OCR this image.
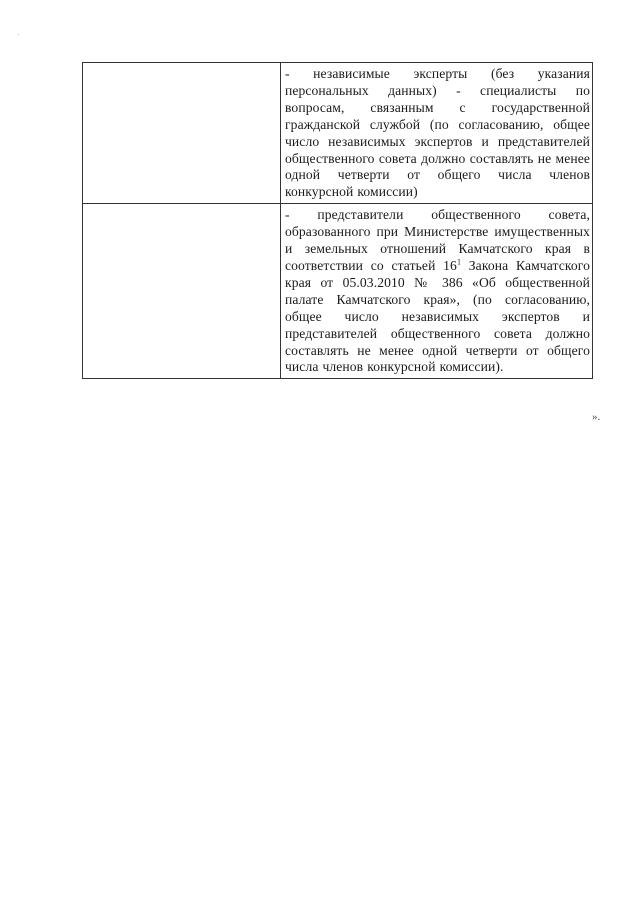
	- независимые эксперты (без указания персональных данных) - специалисты по вопросам, связанным с государственной гражданской службой (по согласованию, общее число независимых экспертов и представителей общественного совета должно составлять не менее одной четверти от общего числа членов конкурсной комиссии)

	- представители общественного совета, образованного при Министерстве имущественных и земельных отношений Камчатского края в соответствии со статьей $16^1$ Закона Камчатского края от 05.03.2010 № 386 «Об общественной палате Камчатского края», (по согласованию, общее число независимых экспертов и представителей общественного совета должно составлять не менее одной четверти от общего числа членов конкурсной комиссии).
».
